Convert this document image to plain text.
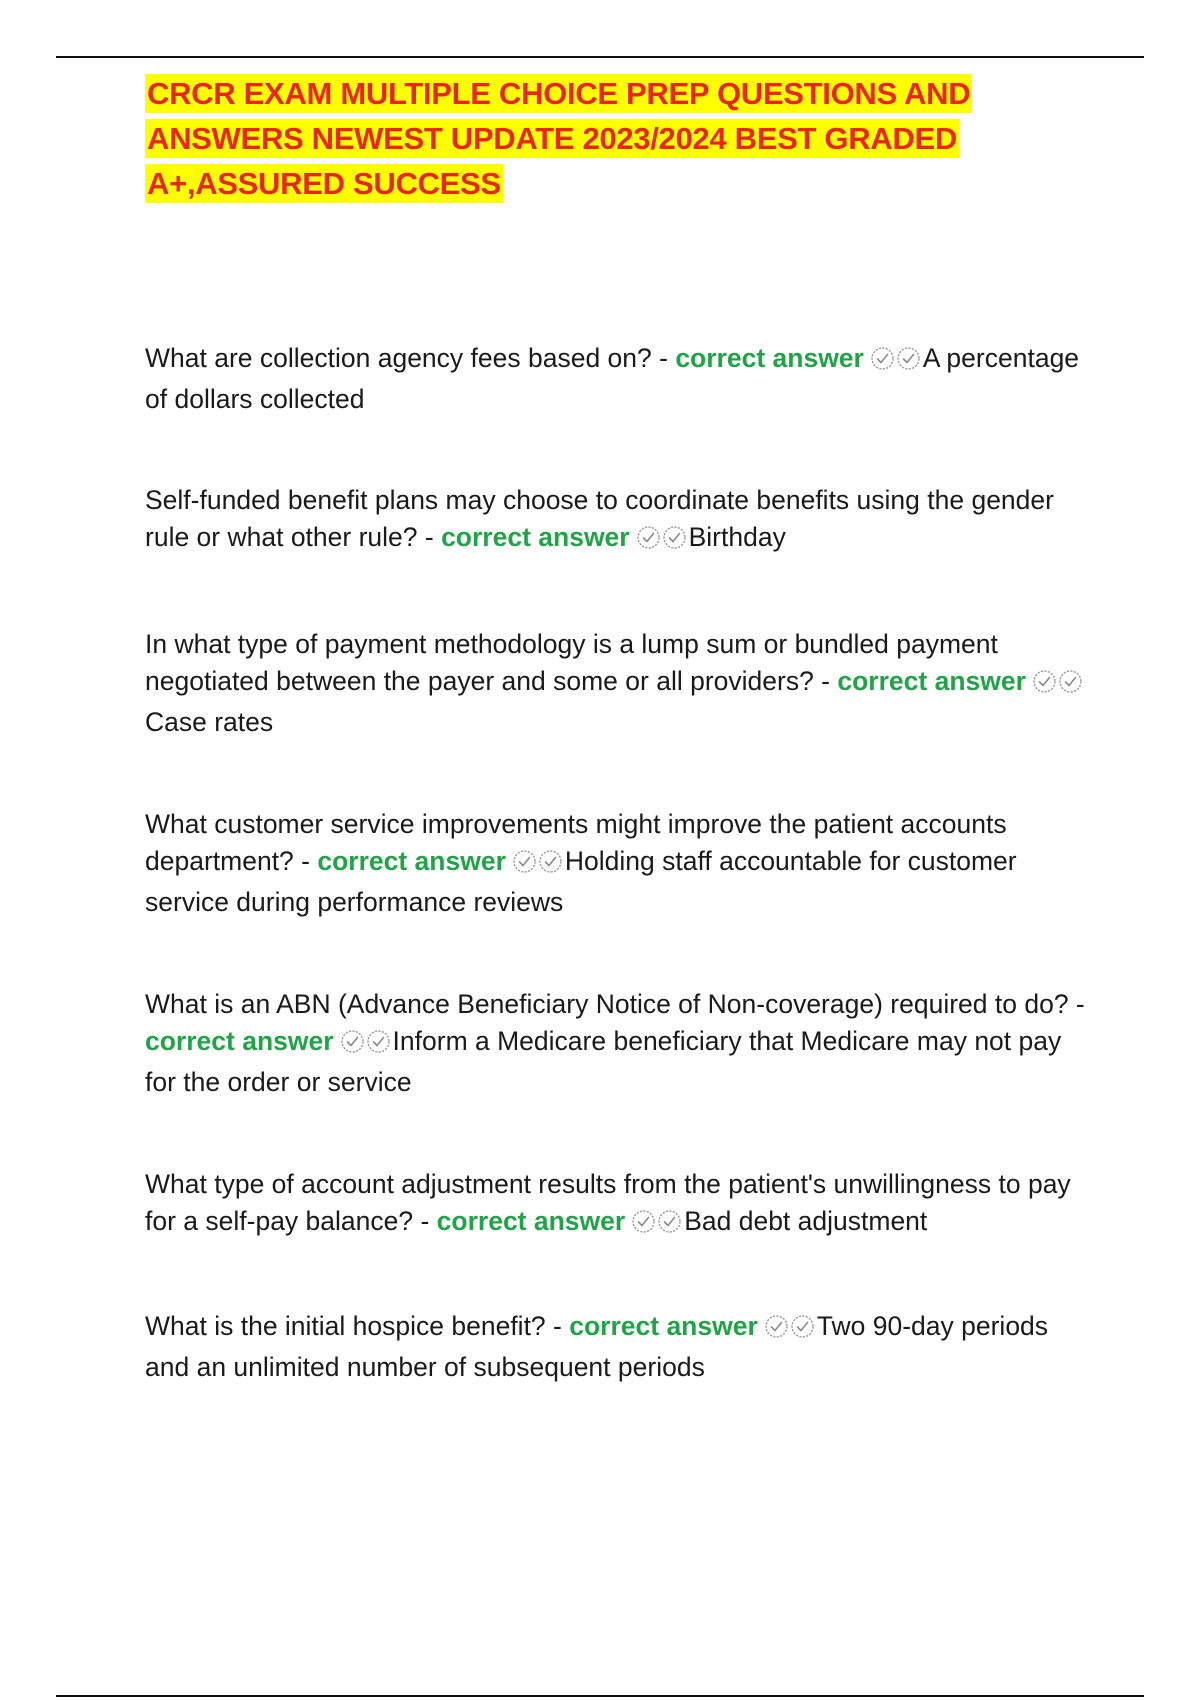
CRCR EXAM MULTIPLE CHOICE PREP QUESTIONS AND
ANSWERS NEWEST UPDATE 2023/2024 BEST GRADED
A+,ASSURED SUCCESS

What are collection agency fees based on? - correct answer A percentage of dollars collected

Self-funded benefit plans may choose to coordinate benefits using the gender rule or what other rule? - correct answer Birthday

In what type of payment methodology is a lump sum or bundled payment negotiated between the payer and some or all providers? - correct answer
Case rates

What customer service improvements might improve the patient accounts department? - correct answer Holding staff accountable for customer service during performance reviews

What is an ABN (Advance Beneficiary Notice of Non-coverage) required to do? - correct answer Inform a Medicare beneficiary that Medicare may not pay for the order or service

What type of account adjustment results from the patient's unwillingness to pay for a self-pay balance? - correct answer Bad debt adjustment

What is the initial hospice benefit? - correct answer Two 90-day periods and an unlimited number of subsequent periods
